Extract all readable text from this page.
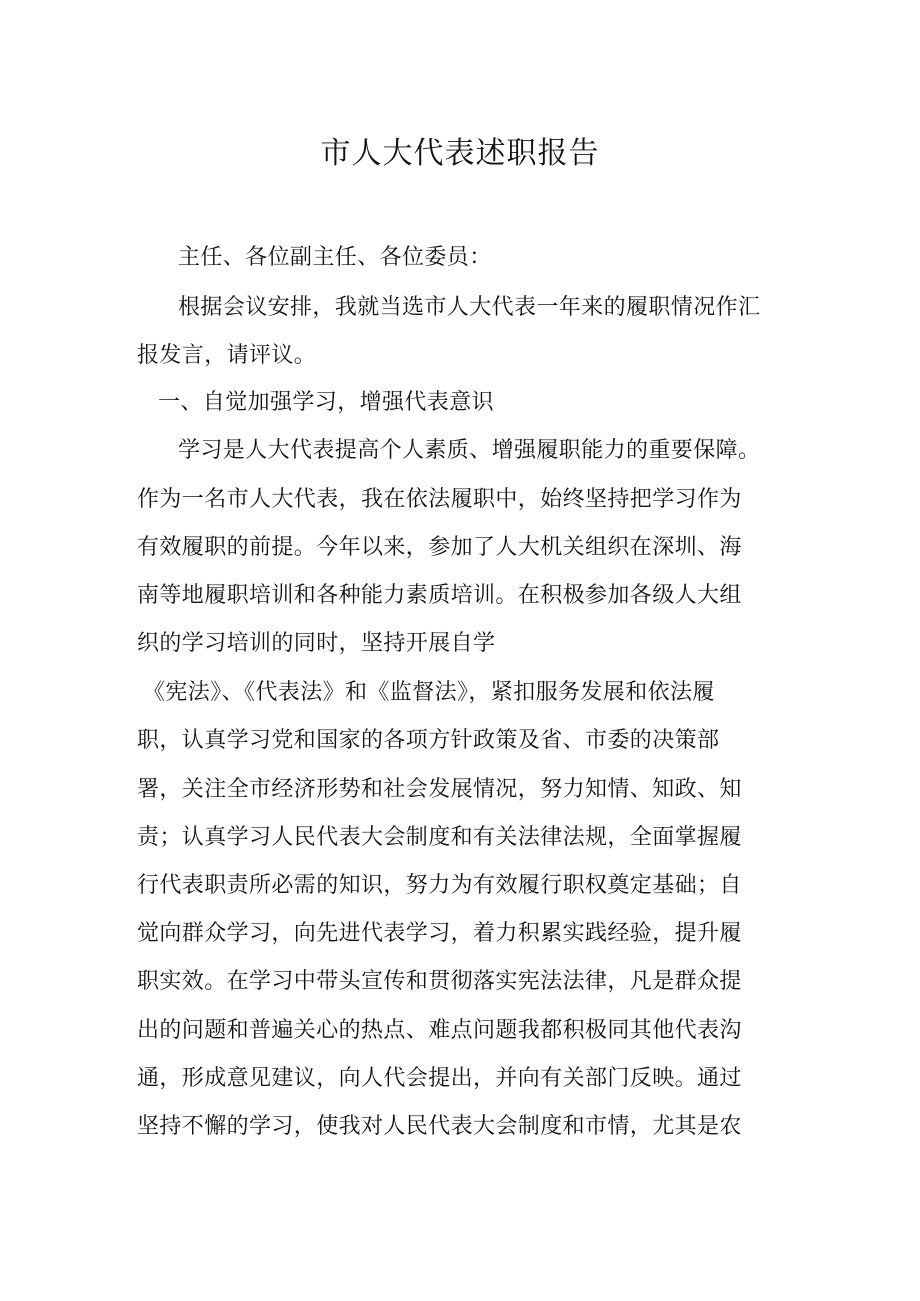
市人大代表述职报告
主任、各位副主任、各位委员：
根据会议安排，我就当选市人大代表一年来的履职情况作汇
报发言，请评议。
一、自觉加强学习，增强代表意识
学习是人大代表提高个人素质、增强履职能力的重要保障。
作为一名市人大代表，我在依法履职中，始终坚持把学习作为
有效履职的前提。今年以来，参加了人大机关组织在深圳、海
南等地履职培训和各种能力素质培训。在积极参加各级人大组
织的学习培训的同时，坚持开展自学
《宪法》、《代表法》和《监督法》，紧扣服务发展和依法履
职，认真学习党和国家的各项方针政策及省、市委的决策部
署，关注全市经济形势和社会发展情况，努力知情、知政、知
责；认真学习人民代表大会制度和有关法律法规，全面掌握履
行代表职责所必需的知识，努力为有效履行职权奠定基础；自
觉向群众学习，向先进代表学习，着力积累实践经验，提升履
职实效。在学习中带头宣传和贯彻落实宪法法律，凡是群众提
出的问题和普遍关心的热点、难点问题我都积极同其他代表沟
通，形成意见建议，向人代会提出，并向有关部门反映。通过
坚持不懈的学习，使我对人民代表大会制度和市情，尤其是农
